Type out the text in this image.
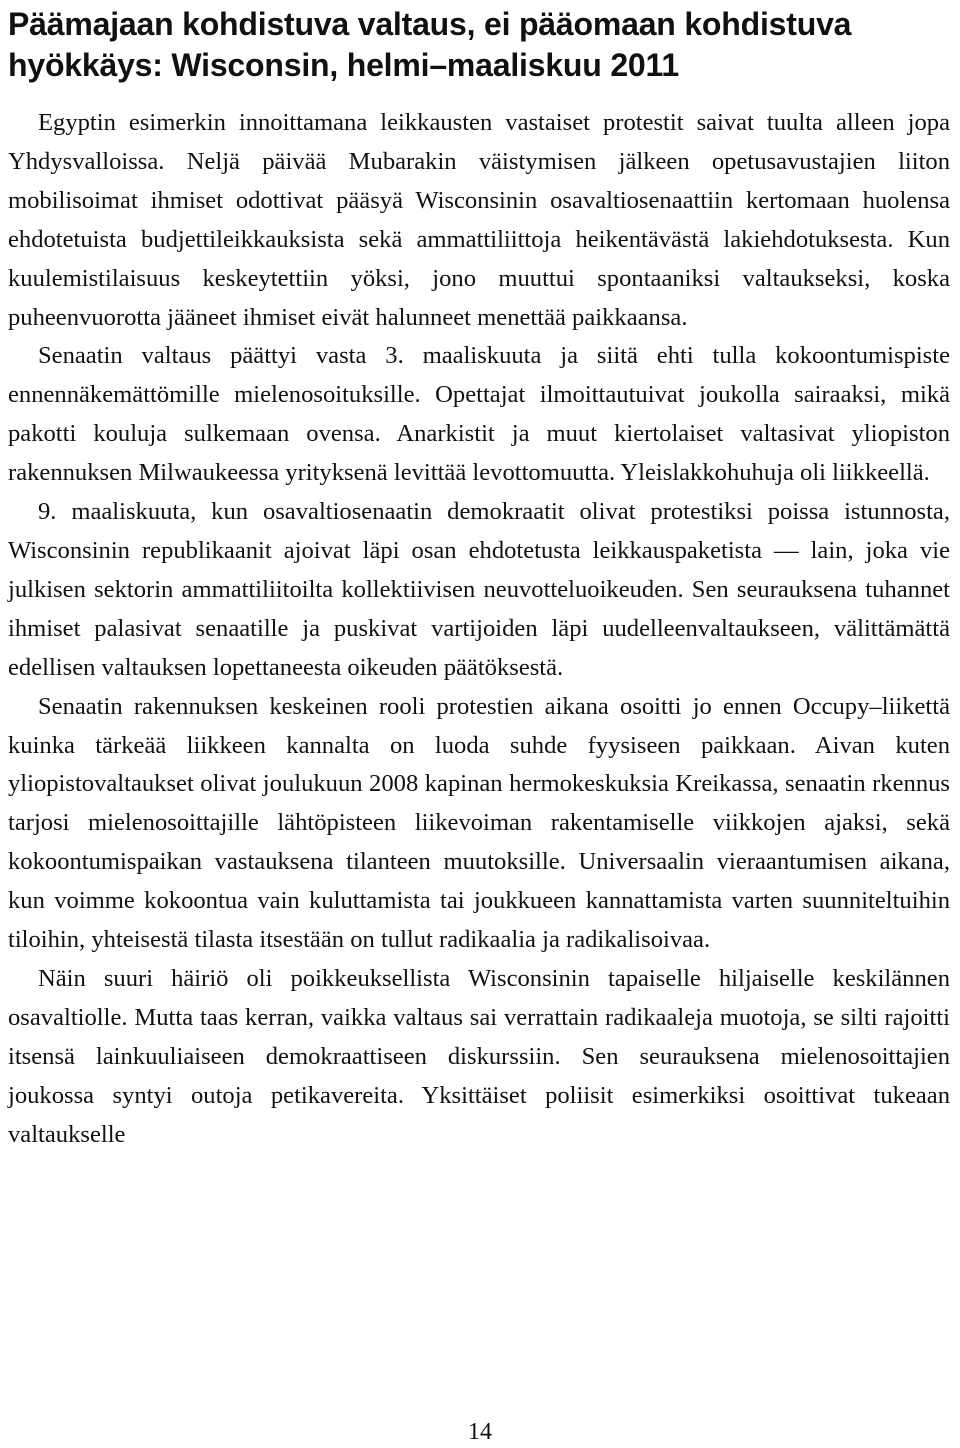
Päämajaan kohdistuva valtaus, ei pääomaan kohdistuva hyökkäys: Wisconsin, helmi–maaliskuu 2011

Egyptin esimerkin innoittamana leikkausten vastaiset protestit saivat tuulta alleen jopa Yhdysvalloissa. Neljä päivää Mubarakin väistymisen jälkeen opetusavustajien liiton mobilisoimat ihmiset odottivat pääsyä Wisconsinin osavaltiosenaattiin kertomaan huolensa ehdotetuista budjettileikkauksista sekä ammattiliittoja heikentävästä lakiehdotuksesta. Kun kuulemistilaisuus keskeytettiin yöksi, jono muuttui spontaaniksi valtaukseksi, koska puheenvuorotta jääneet ihmiset eivät halunneet menettää paikkaansa.

Senaatin valtaus päättyi vasta 3. maaliskuuta ja siitä ehti tulla kokoontumispiste ennennäkemättömille mielenosoituksille. Opettajat ilmoittautuivat joukolla sairaaksi, mikä pakotti kouluja sulkemaan ovensa. Anarkistit ja muut kiertolaiset valtasivat yliopiston rakennuksen Milwaukeessa yrityksenä levittää levottomuutta. Yleislakkohuhuja oli liikkeellä.

9. maaliskuuta, kun osavaltiosenaatin demokraatit olivat protestiksi poissa istunnosta, Wisconsinin republikaanit ajoivat läpi osan ehdotetusta leikkauspaketista — lain, joka vie julkisen sektorin ammattiliitoilta kollektiivisen neuvotteluoikeuden. Sen seurauksena tuhannet ihmiset palasivat senaatille ja puskivat vartijoiden läpi uudelleenvaltaukseen, välittämättä edellisen valtauksen lopettaneesta oikeuden päätöksestä.

Senaatin rakennuksen keskeinen rooli protestien aikana osoitti jo ennen Occupy–liikettä kuinka tärkeää liikkeen kannalta on luoda suhde fyysiseen paikkaan. Aivan kuten yliopistovaltaukset olivat joulukuun 2008 kapinan hermokeskuksia Kreikassa, senaatin rkennus tarjosi mielenosoittajille lähtöpisteen liikevoiman rakentamiselle viikkojen ajaksi, sekä kokoontumispaikan vastauksena tilanteen muutoksille. Universaalin vieraantumisen aikana, kun voimme kokoontua vain kuluttamista tai joukkueen kannattamista varten suunniteltuihin tiloihin, yhteisestä tilasta itsestään on tullut radikaalia ja radikalisoivaa.

Näin suuri häiriö oli poikkeuksellista Wisconsinin tapaiselle hiljaiselle keskilännen osavaltiolle. Mutta taas kerran, vaikka valtaus sai verrattain radikaaleja muotoja, se silti rajoitti itsensä lainkuuliaiseen demokraattiseen diskurssiin. Sen seurauksena mielenosoittajien joukossa syntyi outoja petikavereita. Yksittäiset poliisit esimerkiksi osoittivat tukeaan valtaukselle

14
